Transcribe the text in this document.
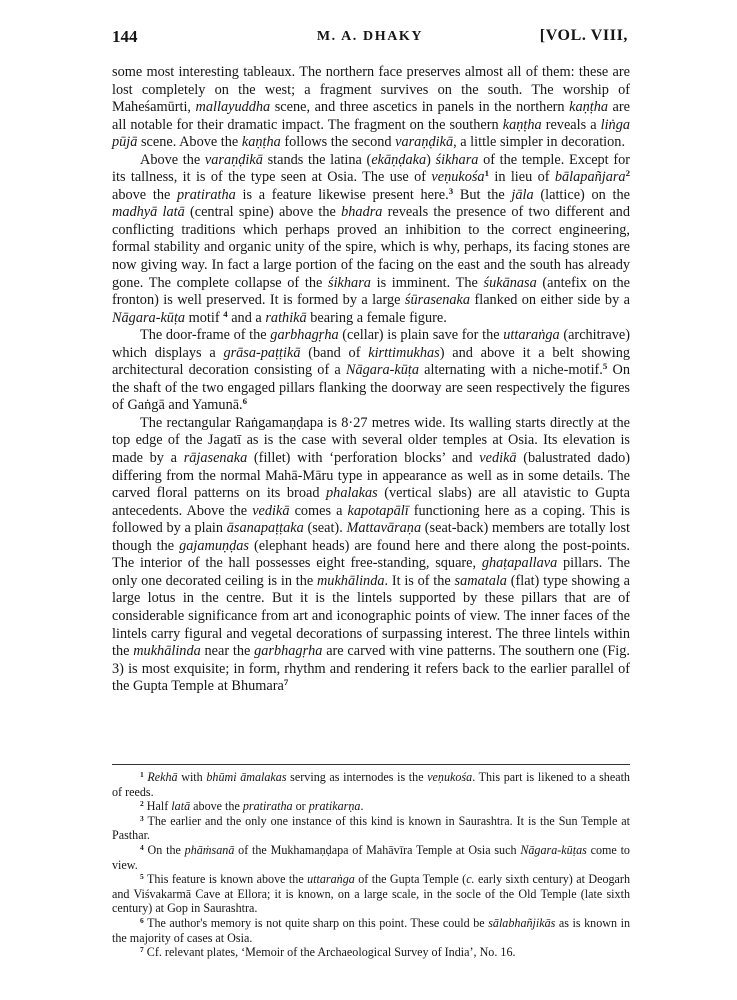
144	M. A. DHAKY	[VOL. VIII,

some most interesting tableaux. The northern face preserves almost all of them: these are lost completely on the west; a fragment survives on the south. The worship of Maheśamūrti, mallayuddha scene, and three ascetics in panels in the northern kaṇṭha are all notable for their dramatic impact. The fragment on the southern kaṇṭha reveals a liṅga pūjā scene. Above the kaṇṭha follows the second varaṇḍikā, a little simpler in decoration.

Above the varaṇḍikā stands the latina (ekāṇḍaka) śikhara of the temple. Except for its tallness, it is of the type seen at Osia. The use of veṇukośa$^1$ in lieu of bālapañjara$^2$ above the pratiratha is a feature likewise present here.$^3$ But the jāla (lattice) on the madhyā latā (central spine) above the bhadra reveals the presence of two different and conflicting traditions which perhaps proved an inhibition to the correct engineering, formal stability and organic unity of the spire, which is why, perhaps, its facing stones are now giving way. In fact a large portion of the facing on the east and the south has already gone. The complete collapse of the śikhara is imminent. The śukānasa (antefix on the fronton) is well preserved. It is formed by a large śūrasenaka flanked on either side by a Nāgara-kūṭa motif $^4$ and a rathikā bearing a female figure.

The door-frame of the garbhagṛha (cellar) is plain save for the uttaraṅga (architrave) which displays a grāsa-paṭṭikā (band of kirttimukhas) and above it a belt showing architectural decoration consisting of a Nāgara-kūṭa alternating with a niche-motif.$^5$ On the shaft of the two engaged pillars flanking the doorway are seen respectively the figures of Gaṅgā and Yamunā.$^6$

The rectangular Raṅgamaṇḍapa is 8·27 metres wide. Its walling starts directly at the top edge of the Jagatī as is the case with several older temples at Osia. Its elevation is made by a rājasenaka (fillet) with ‘perforation blocks’ and vedikā (balustrated dado) differing from the normal Mahā-Māru type in appearance as well as in some details. The carved floral patterns on its broad phalakas (vertical slabs) are all atavistic to Gupta antecedents. Above the vedikā comes a kapotapālī functioning here as a coping. This is followed by a plain āsanapaṭṭaka (seat). Mattavāraṇa (seat-back) members are totally lost though the gajamuṇḍas (elephant heads) are found here and there along the post-points. The interior of the hall possesses eight free-standing, square, ghaṭapallava pillars. The only one decorated ceiling is in the mukhālinda. It is of the samatala (flat) type showing a large lotus in the centre. But it is the lintels supported by these pillars that are of considerable significance from art and iconographic points of view. The inner faces of the lintels carry figural and vegetal decorations of surpassing interest. The three lintels within the mukhālinda near the garbhagṛha are carved with vine patterns. The southern one (Fig. 3) is most exquisite; in form, rhythm and rendering it refers back to the earlier parallel of the Gupta Temple at Bhumara$^7$

$^1$ Rekhā with bhūmi āmalakas serving as internodes is the veṇukośa. This part is likened to a sheath of reeds.

$^2$ Half latā above the pratiratha or pratikarṇa.

$^3$ The earlier and the only one instance of this kind is known in Saurashtra. It is the Sun Temple at Pasthar.

$^4$ On the phāṁsanā of the Mukhamaṇḍapa of Mahāvīra Temple at Osia such Nāgara-kūṭas come to view.

$^5$ This feature is known above the uttaraṅga of the Gupta Temple (c. early sixth century) at Deogarh and Viśvakarmā Cave at Ellora; it is known, on a large scale, in the socle of the Old Temple (late sixth century) at Gop in Saurashtra.

$^6$ The author's memory is not quite sharp on this point. These could be sālabhañjikās as is known in the majority of cases at Osia.

$^7$ Cf. relevant plates, ‘Memoir of the Archaeological Survey of India’, No. 16.
